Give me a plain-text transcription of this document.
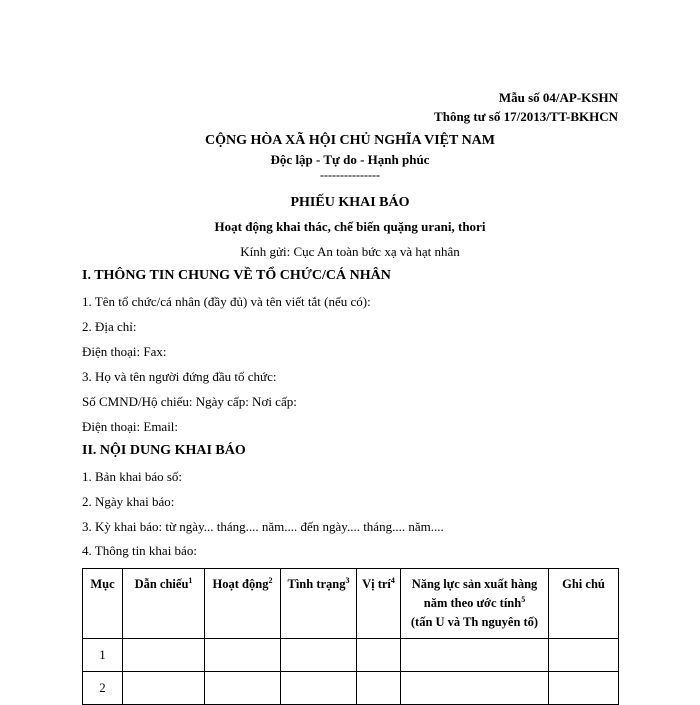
Mẫu số 04/AP-KSHN
Thông tư số 17/2013/TT-BKHCN
CỘNG HÒA XÃ HỘI CHỦ NGHĨA VIỆT NAM
Độc lập - Tự do - Hạnh phúc
---------------
PHIẾU KHAI BÁO
Hoạt động khai thác, chế biến quặng urani, thori
Kính gửi: Cục An toàn bức xạ và hạt nhân
I. THÔNG TIN CHUNG VỀ TỔ CHỨC/CÁ NHÂN
1. Tên tổ chức/cá nhân (đầy đủ) và tên viết tắt (nếu có):
2. Địa chỉ:
Điện thoại: Fax:
3. Họ và tên người đứng đầu tổ chức:
Số CMND/Hộ chiếu: Ngày cấp: Nơi cấp:
Điện thoại: Email:
II. NỘI DUNG KHAI BÁO
1. Bản khai báo số:
2. Ngày khai báo:
3. Kỳ khai báo: từ ngày... tháng.... năm.... đến ngày.... tháng.... năm....
4. Thông tin khai báo:
Mục	Dẫn chiếu$^1$	Hoạt động$^2$	Tình trạng$^3$	Vị trí$^4$	Năng lực sản xuất hàng năm theo ước tính$^5$
(tấn U và Th nguyên tố)	Ghi chú
1						
2						
